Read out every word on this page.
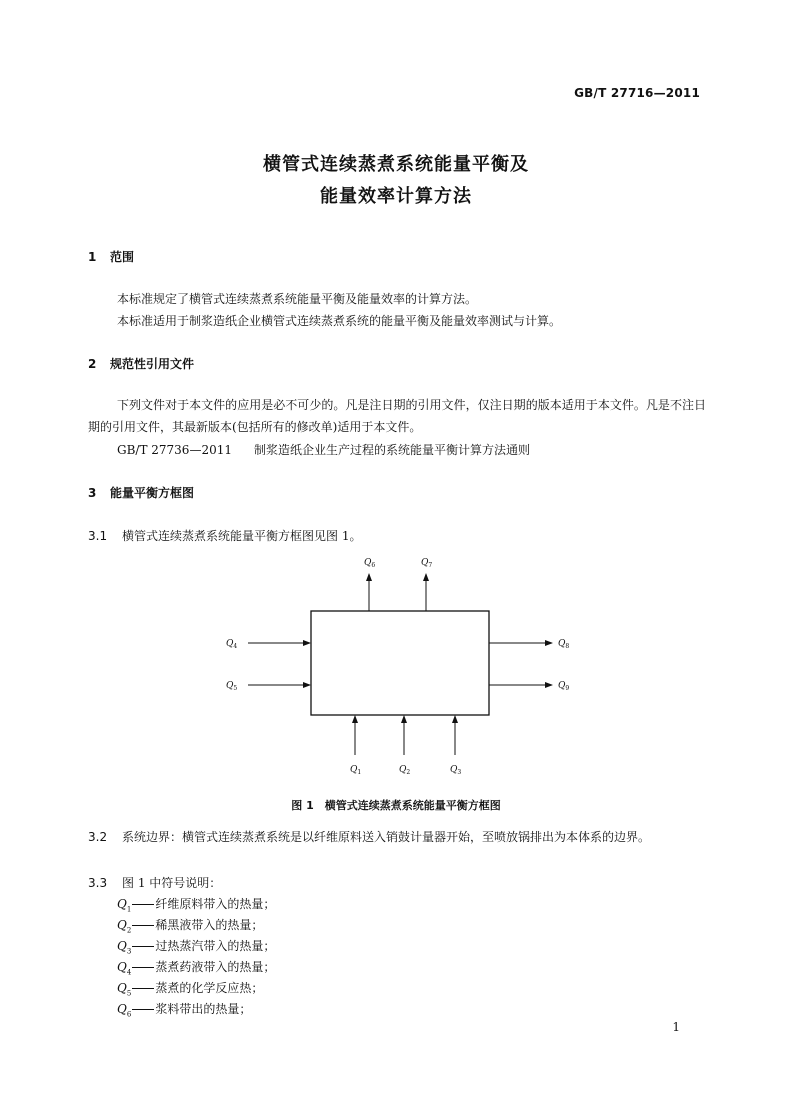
GB/T 27716—2011
横管式连续蒸煮系统能量平衡及
能量效率计算方法
1 范围
本标准规定了横管式连续蒸煮系统能量平衡及能量效率的计算方法。
本标准适用于制浆造纸企业横管式连续蒸煮系统的能量平衡及能量效率测试与计算。
2 规范性引用文件
下列文件对于本文件的应用是必不可少的。凡是注日期的引用文件，仅注日期的版本适用于本文件。凡是不注日期的引用文件，其最新版本(包括所有的修改单)适用于本文件。
GB/T 27736—2011 制浆造纸企业生产过程的系统能量平衡计算方法通则
3 能量平衡方框图
3.1 横管式连续蒸煮系统能量平衡方框图见图 1。
$Q_6$	$Q_7$
$Q_4$
$Q_5$
$Q_8$
$Q_9$
$Q_1$	$Q_2$	$Q_3$
图 1　横管式连续蒸煮系统能量平衡方框图
3.2 系统边界：横管式连续蒸煮系统是以纤维原料送入销鼓计量器开始，至喷放锅排出为本体系的边界。
3.3 图 1 中符号说明：
$Q_1$ 纤维原料带入的热量；
$Q_2$ 稀黑液带入的热量；
$Q_3$ 过热蒸汽带入的热量；
$Q_4$ 蒸煮药液带入的热量；
$Q_5$ 蒸煮的化学反应热；
$Q_6$ 浆料带出的热量；
1
